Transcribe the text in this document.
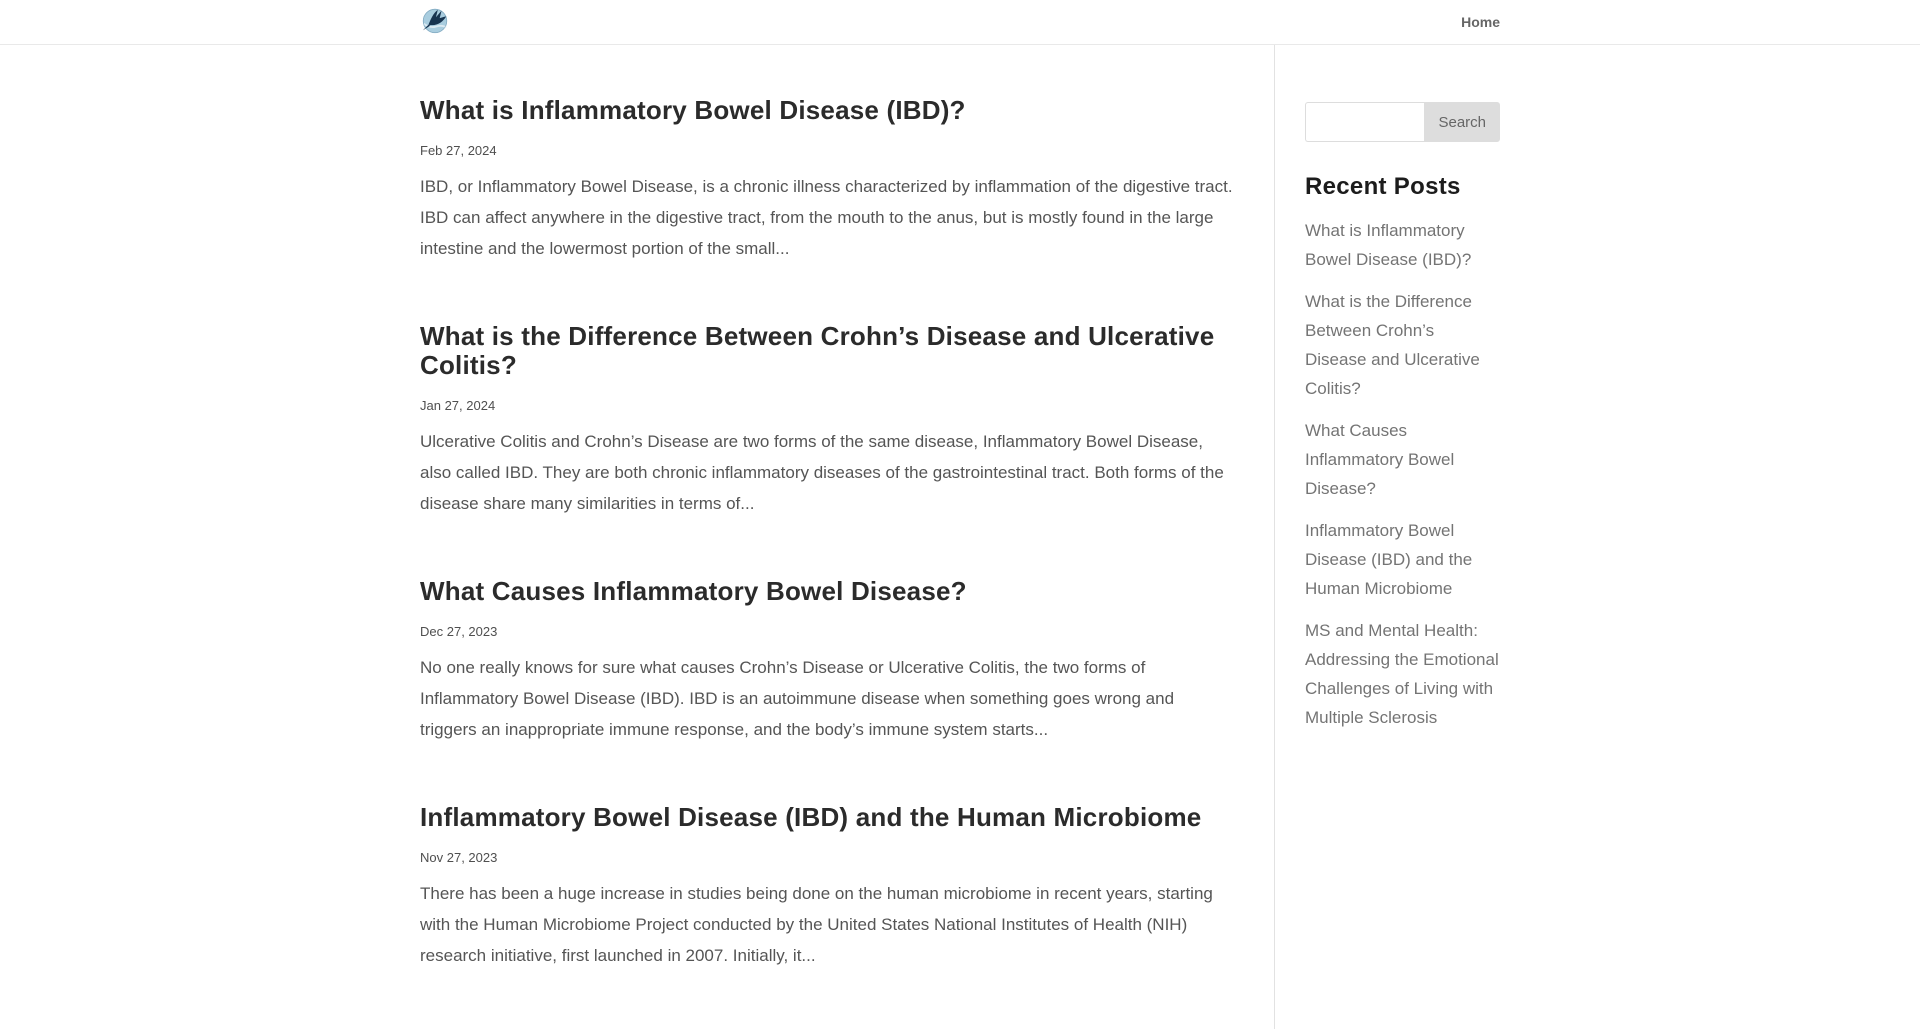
Home
What is Inflammatory Bowel Disease (IBD)?

Feb 27, 2024

IBD, or Inflammatory Bowel Disease, is a chronic illness characterized by inflammation of the digestive tract. IBD can affect anywhere in the digestive tract, from the mouth to the anus, but is mostly found in the large intestine and the lowermost portion of the small...

What is the Difference Between Crohn’s Disease and Ulcerative Colitis?

Jan 27, 2024

Ulcerative Colitis and Crohn’s Disease are two forms of the same disease, Inflammatory Bowel Disease, also called IBD. They are both chronic inflammatory diseases of the gastrointestinal tract. Both forms of the disease share many similarities in terms of...

What Causes Inflammatory Bowel Disease?

Dec 27, 2023

No one really knows for sure what causes Crohn’s Disease or Ulcerative Colitis, the two forms of Inflammatory Bowel Disease (IBD). IBD is an autoimmune disease when something goes wrong and triggers an inappropriate immune response, and the body’s immune system starts...

Inflammatory Bowel Disease (IBD) and the Human Microbiome

Nov 27, 2023

There has been a huge increase in studies being done on the human microbiome in recent years, starting with the Human Microbiome Project conducted by the United States National Institutes of Health (NIH) research initiative, first launched in 2007. Initially, it...

Search
Recent Posts
What is Inflammatory Bowel Disease (IBD)?
What is the Difference Between Crohn’s Disease and Ulcerative Colitis?
What Causes Inflammatory Bowel Disease?
Inflammatory Bowel Disease (IBD) and the Human Microbiome
MS and Mental Health: Addressing the Emotional Challenges of Living with Multiple Sclerosis
